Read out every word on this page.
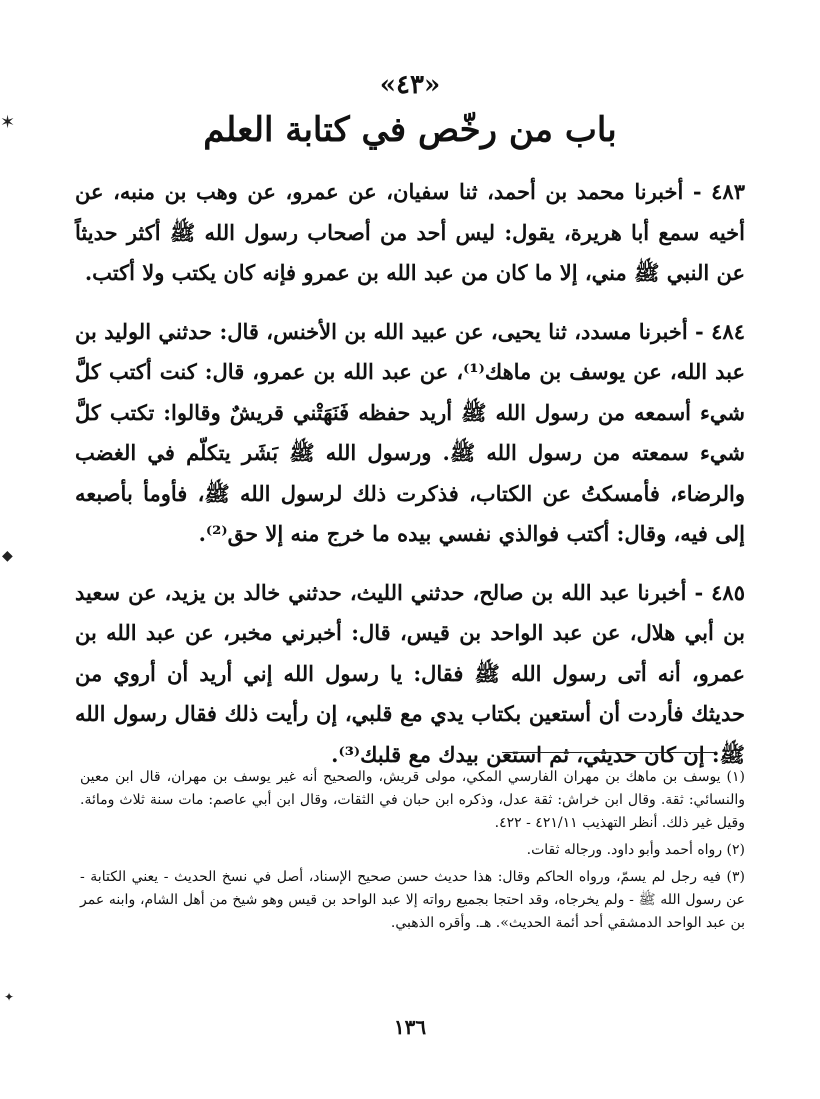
✶
◆
✦
«٤٣»
باب من رخّص في كتابة العلم

٤٨٣ - أخبرنا محمد بن أحمد، ثنا سفيان، عن عمرو، عن وهب بن منبه، عن أخيه سمع أبا هريرة، يقول: ليس أحد من أصحاب رسول الله ﷺ أكثر حديثاً عن النبي ﷺ مني، إلا ما كان من عبد الله بن عمرو فإنه كان يكتب ولا أكتب.

٤٨٤ - أخبرنا مسدد، ثنا يحيى، عن عبيد الله بن الأخنس، قال: حدثني الوليد بن عبد الله، عن يوسف بن ماهك⁽¹⁾، عن عبد الله بن عمرو، قال: كنت أكتب كلَّ شيء أسمعه من رسول الله ﷺ أريد حفظه فَنَهَتْني قريشٌ وقالوا: تكتب كلَّ شيء سمعته من رسول الله ﷺ. ورسول الله ﷺ بَشَر يتكلّم في الغضب والرضاء، فأمسكتُ عن الكتاب، فذكرت ذلك لرسول الله ﷺ، فأومأ بأصبعه إلى فيه، وقال: أكتب فوالذي نفسي بيده ما خرج منه إلا حق⁽²⁾.

٤٨٥ - أخبرنا عبد الله بن صالح، حدثني الليث، حدثني خالد بن يزيد، عن سعيد بن أبي هلال، عن عبد الواحد بن قيس، قال: أخبرني مخبر، عن عبد الله بن عمرو، أنه أتى رسول الله ﷺ فقال: يا رسول الله إني أريد أن أروي من حديثك فأردت أن أستعين بكتاب يدي مع قلبي، إن رأيت ذلك فقال رسول الله ﷺ: إن كان حديثي، ثم استعن بيدك مع قلبك⁽³⁾.

(١) يوسف بن ماهك بن مهران الفارسي المكي، مولى قريش، والصحيح أنه غير يوسف بن مهران، قال ابن معين والنسائي: ثقة. وقال ابن خراش: ثقة عدل، وذكره ابن حبان في الثقات، وقال ابن أبي عاصم: مات سنة ثلاث ومائة. وقيل غير ذلك. أنظر التهذيب ٤٢١/١١ - ٤٢٢.

(٢) رواه أحمد وأبو داود. ورجاله ثقات.

(٣) فيه رجل لم يسمّ، ورواه الحاكم وقال: هذا حديث حسن صحيح الإسناد، أصل في نسخ الحديث - يعني الكتابة - عن رسول الله ﷺ - ولم يخرجاه، وقد احتجا بجميع رواته إلا عبد الواحد بن قيس وهو شيخ من أهل الشام، وابنه عمر بن عبد الواحد الدمشقي أحد أئمة الحديث». هـ. وأقره الذهبي.

١٣٦
